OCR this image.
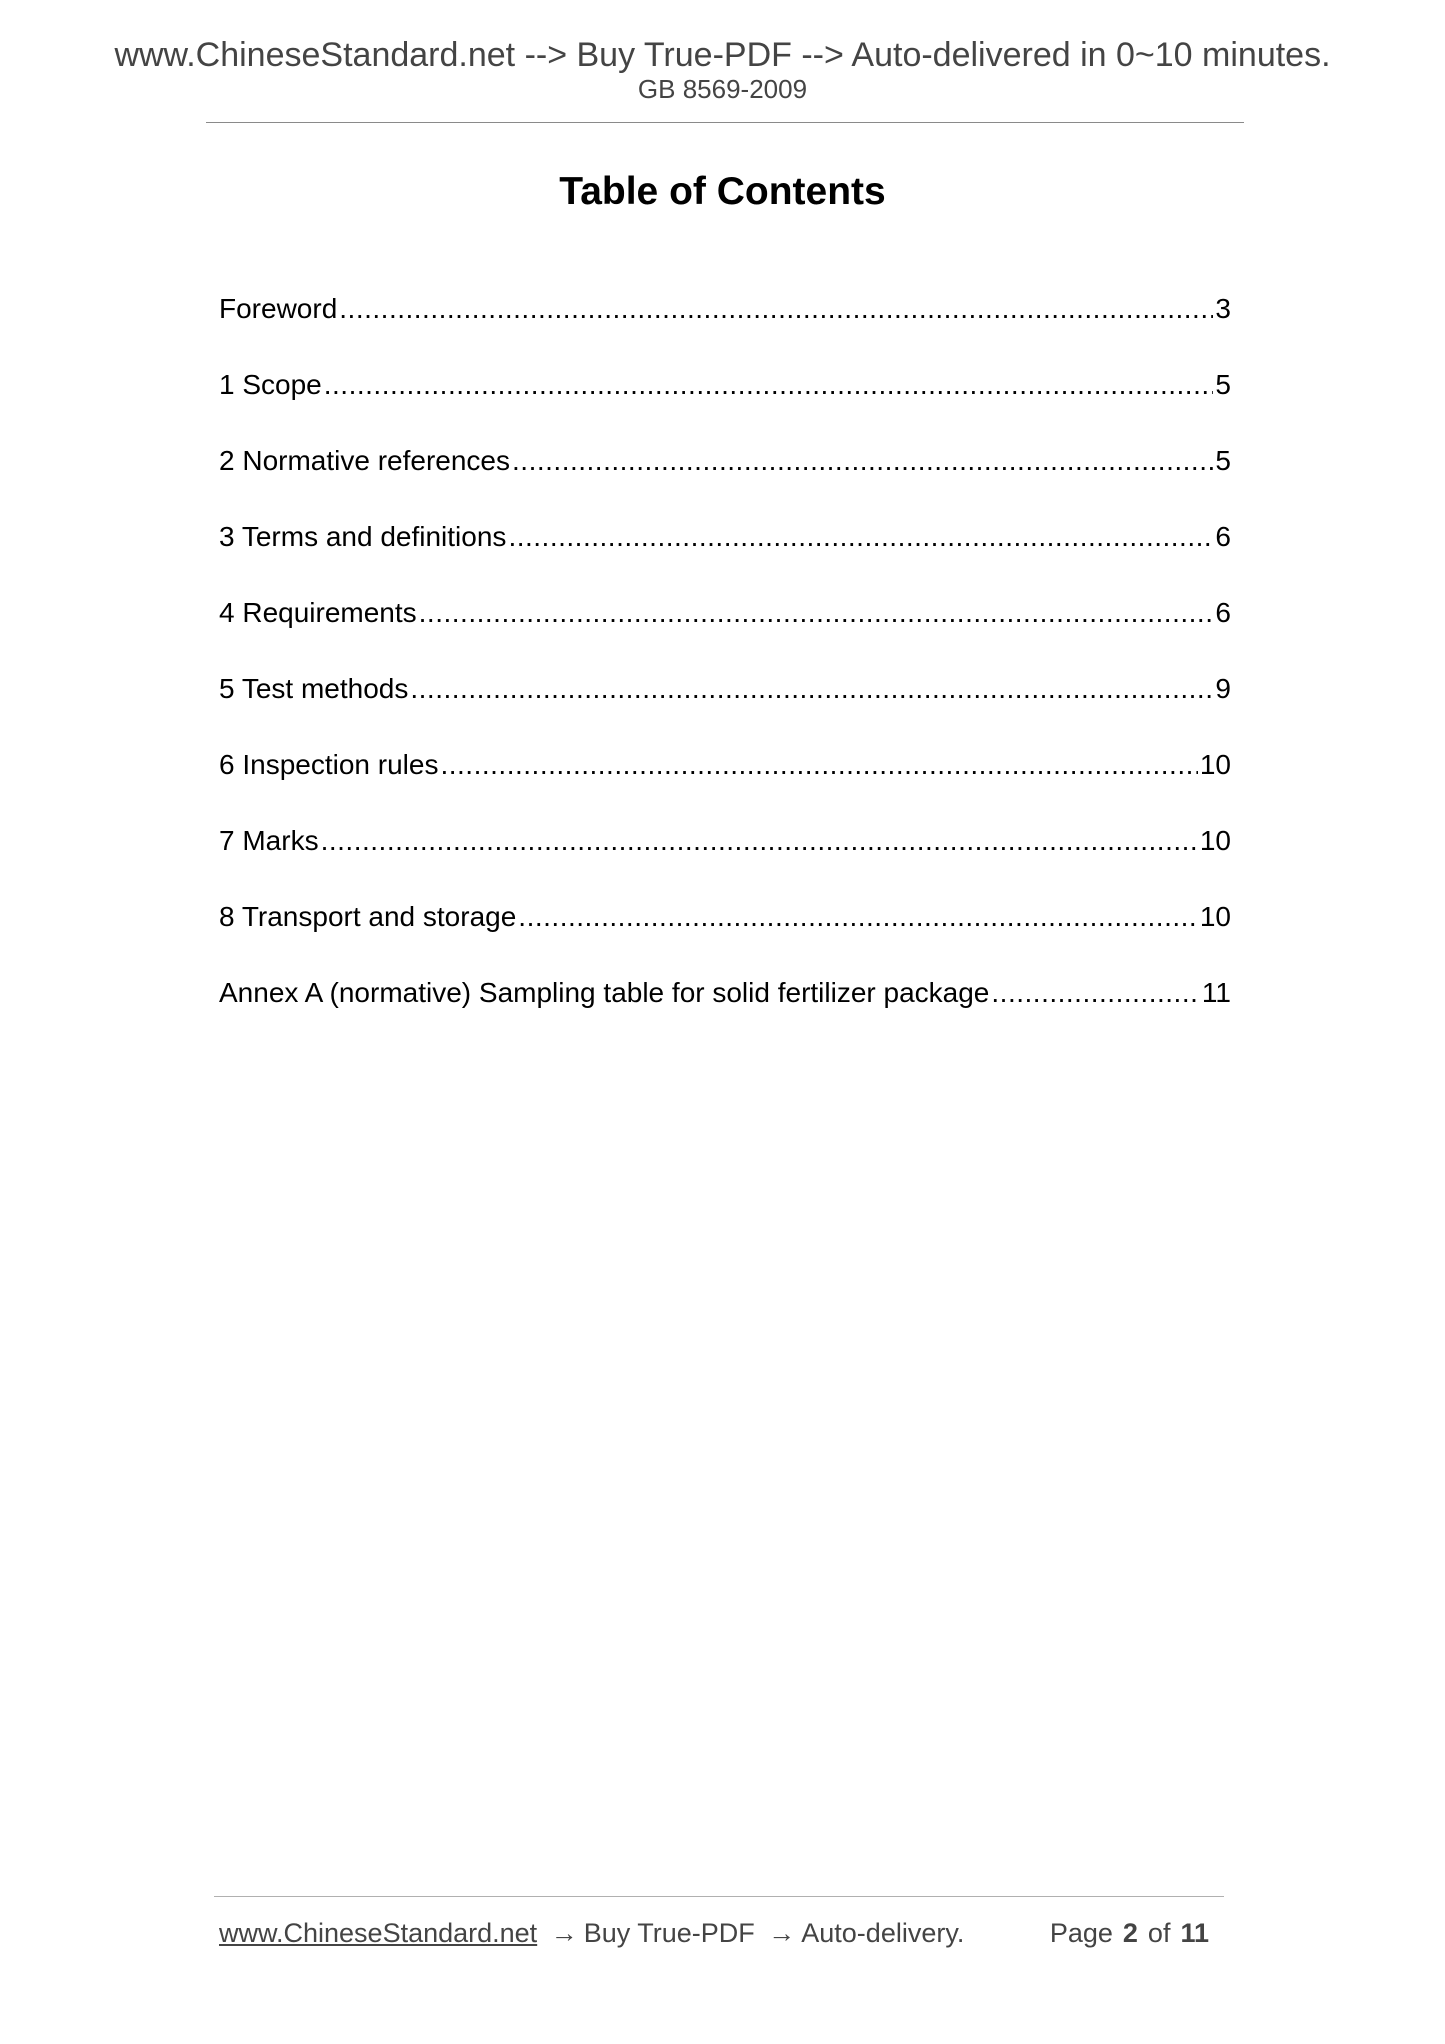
www.ChineseStandard.net --> Buy True-PDF --> Auto-delivered in 0~10 minutes.
GB 8569-2009
Table of Contents
Foreword .....	3
1 Scope .....	5
2 Normative references .....	5
3 Terms and definitions .....	6
4 Requirements .....	6
5 Test methods .....	9
6 Inspection rules .....	10
7 Marks .....	10
8 Transport and storage .....	10
Annex A (normative) Sampling table for solid fertilizer package .....	11
www.ChineseStandard.net → Buy True-PDF → Auto-delivery.	Page 2 of 11
